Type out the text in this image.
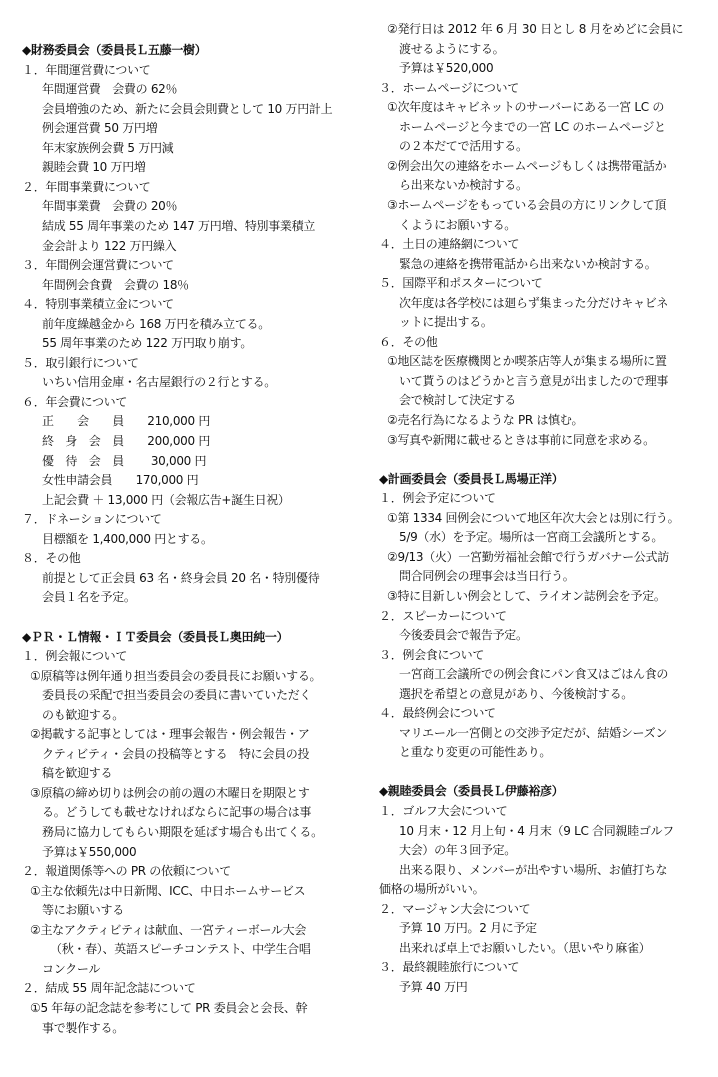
◆財務委員会（委員長Ｌ五藤一樹）
１．年間運営費について
年間運営費　会費の 62％
会員増強のため、新たに会員会則費として 10 万円計上
例会運営費 50 万円増
年末家族例会費 5 万円減
親睦会費 10 万円増
２．年間事業費について
年間事業費　会費の 20％
結成 55 周年事業のため 147 万円増、特別事業積立
金会計より 122 万円繰入
３．年間例会運営費について
年間例会食費　会費の 18％
４．特別事業積立金について
前年度繰越金から 168 万円を積み立てる。
55 周年事業のため 122 万円取り崩す。
５．取引銀行について
いちい信用金庫・名古屋銀行の２行とする。
６．年会費について
正　　会　　員　　210,000 円
終　身　会　員　　200,000 円
優　待　会　員　　 30,000 円
女性申請会員　　170,000 円
上記会費 ＋ 13,000 円（会報広告+誕生日祝）
７．ドネーションについて
目標額を 1,400,000 円とする。
８．その他
前提として正会員 63 名・終身会員 20 名・特別優待
会員１名を予定。
◆ＰＲ・Ｌ情報・ＩＴ委員会（委員長Ｌ奥田純一）
１．例会報について
①原稿等は例年通り担当委員会の委員長にお願いする。
委員長の采配で担当委員会の委員に書いていただく
のも歓迎する。
②掲載する記事としては・理事会報告・例会報告・ア
クティビティ・会員の投稿等とする　特に会員の投
稿を歓迎する
③原稿の締め切りは例会の前の週の木曜日を期限とす
る。どうしても載せなければならに記事の場合は事
務局に協力してもらい期限を延ばす場合も出てくる。
予算は￥550,000
２．報道関係等への PR の依頼について
①主な依頼先は中日新聞、ICC、中日ホームサービス
等にお願いする
②主なアクティビティは献血、一宮ティーボール大会
（秋・春）、英語スピーチコンテスト、中学生合唱
コンクール
２．結成 55 周年記念誌について
①5 年毎の記念誌を参考にして PR 委員会と会長、幹
事で製作する。
②発行日は 2012 年 6 月 30 日とし 8 月をめどに会員に
渡せるようにする。
予算は￥520,000
３．ホームページについて
①次年度はキャビネットのサーバーにある一宮 LC の
ホームページと今までの一宮 LC のホームページと
の２本だてで活用する。
②例会出欠の連絡をホームページもしくは携帯電話か
ら出来ないか検討する。
③ホームページをもっている会員の方にリンクして頂
くようにお願いする。
４．土日の連絡網について
緊急の連絡を携帯電話から出来ないか検討する。
５．国際平和ポスターについて
次年度は各学校には廻らず集まった分だけキャビネ
ットに提出する。
６．その他
①地区誌を医療機関とか喫茶店等人が集まる場所に置
いて貰うのはどうかと言う意見が出ましたので理事
会で検討して決定する
②売名行為になるような PR は慎む。
③写真や新聞に載せるときは事前に同意を求める。
◆計画委員会（委員長Ｌ馬場正洋）
１．例会予定について
①第 1334 回例会について地区年次大会とは別に行う。
5/9（水）を予定。場所は一宮商工会議所とする。
②9/13（火）一宮勤労福祉会館で行うガバナー公式訪
問合同例会の理事会は当日行う。
③特に目新しい例会として、ライオン誌例会を予定。
２．スピーカーについて
今後委員会で報告予定。
３．例会食について
一宮商工会議所での例会食にパン食又はごはん食の
選択を希望との意見があり、今後検討する。
４．最終例会について
マリエール一宮側との交渉予定だが、結婚シーズン
と重なり変更の可能性あり。
◆親睦委員会（委員長Ｌ伊藤裕彦）
１．ゴルフ大会について
10 月末・12 月上旬・4 月末（9 LC 合同親睦ゴルフ
大会）の年３回予定。
出来る限り、メンバーが出やすい場所、お値打ちな
価格の場所がいい。
２．マージャン大会について
予算 10 万円。2 月に予定
出来れば卓上でお願いしたい。（思いやり麻雀）
３．最終親睦旅行について
予算 40 万円
